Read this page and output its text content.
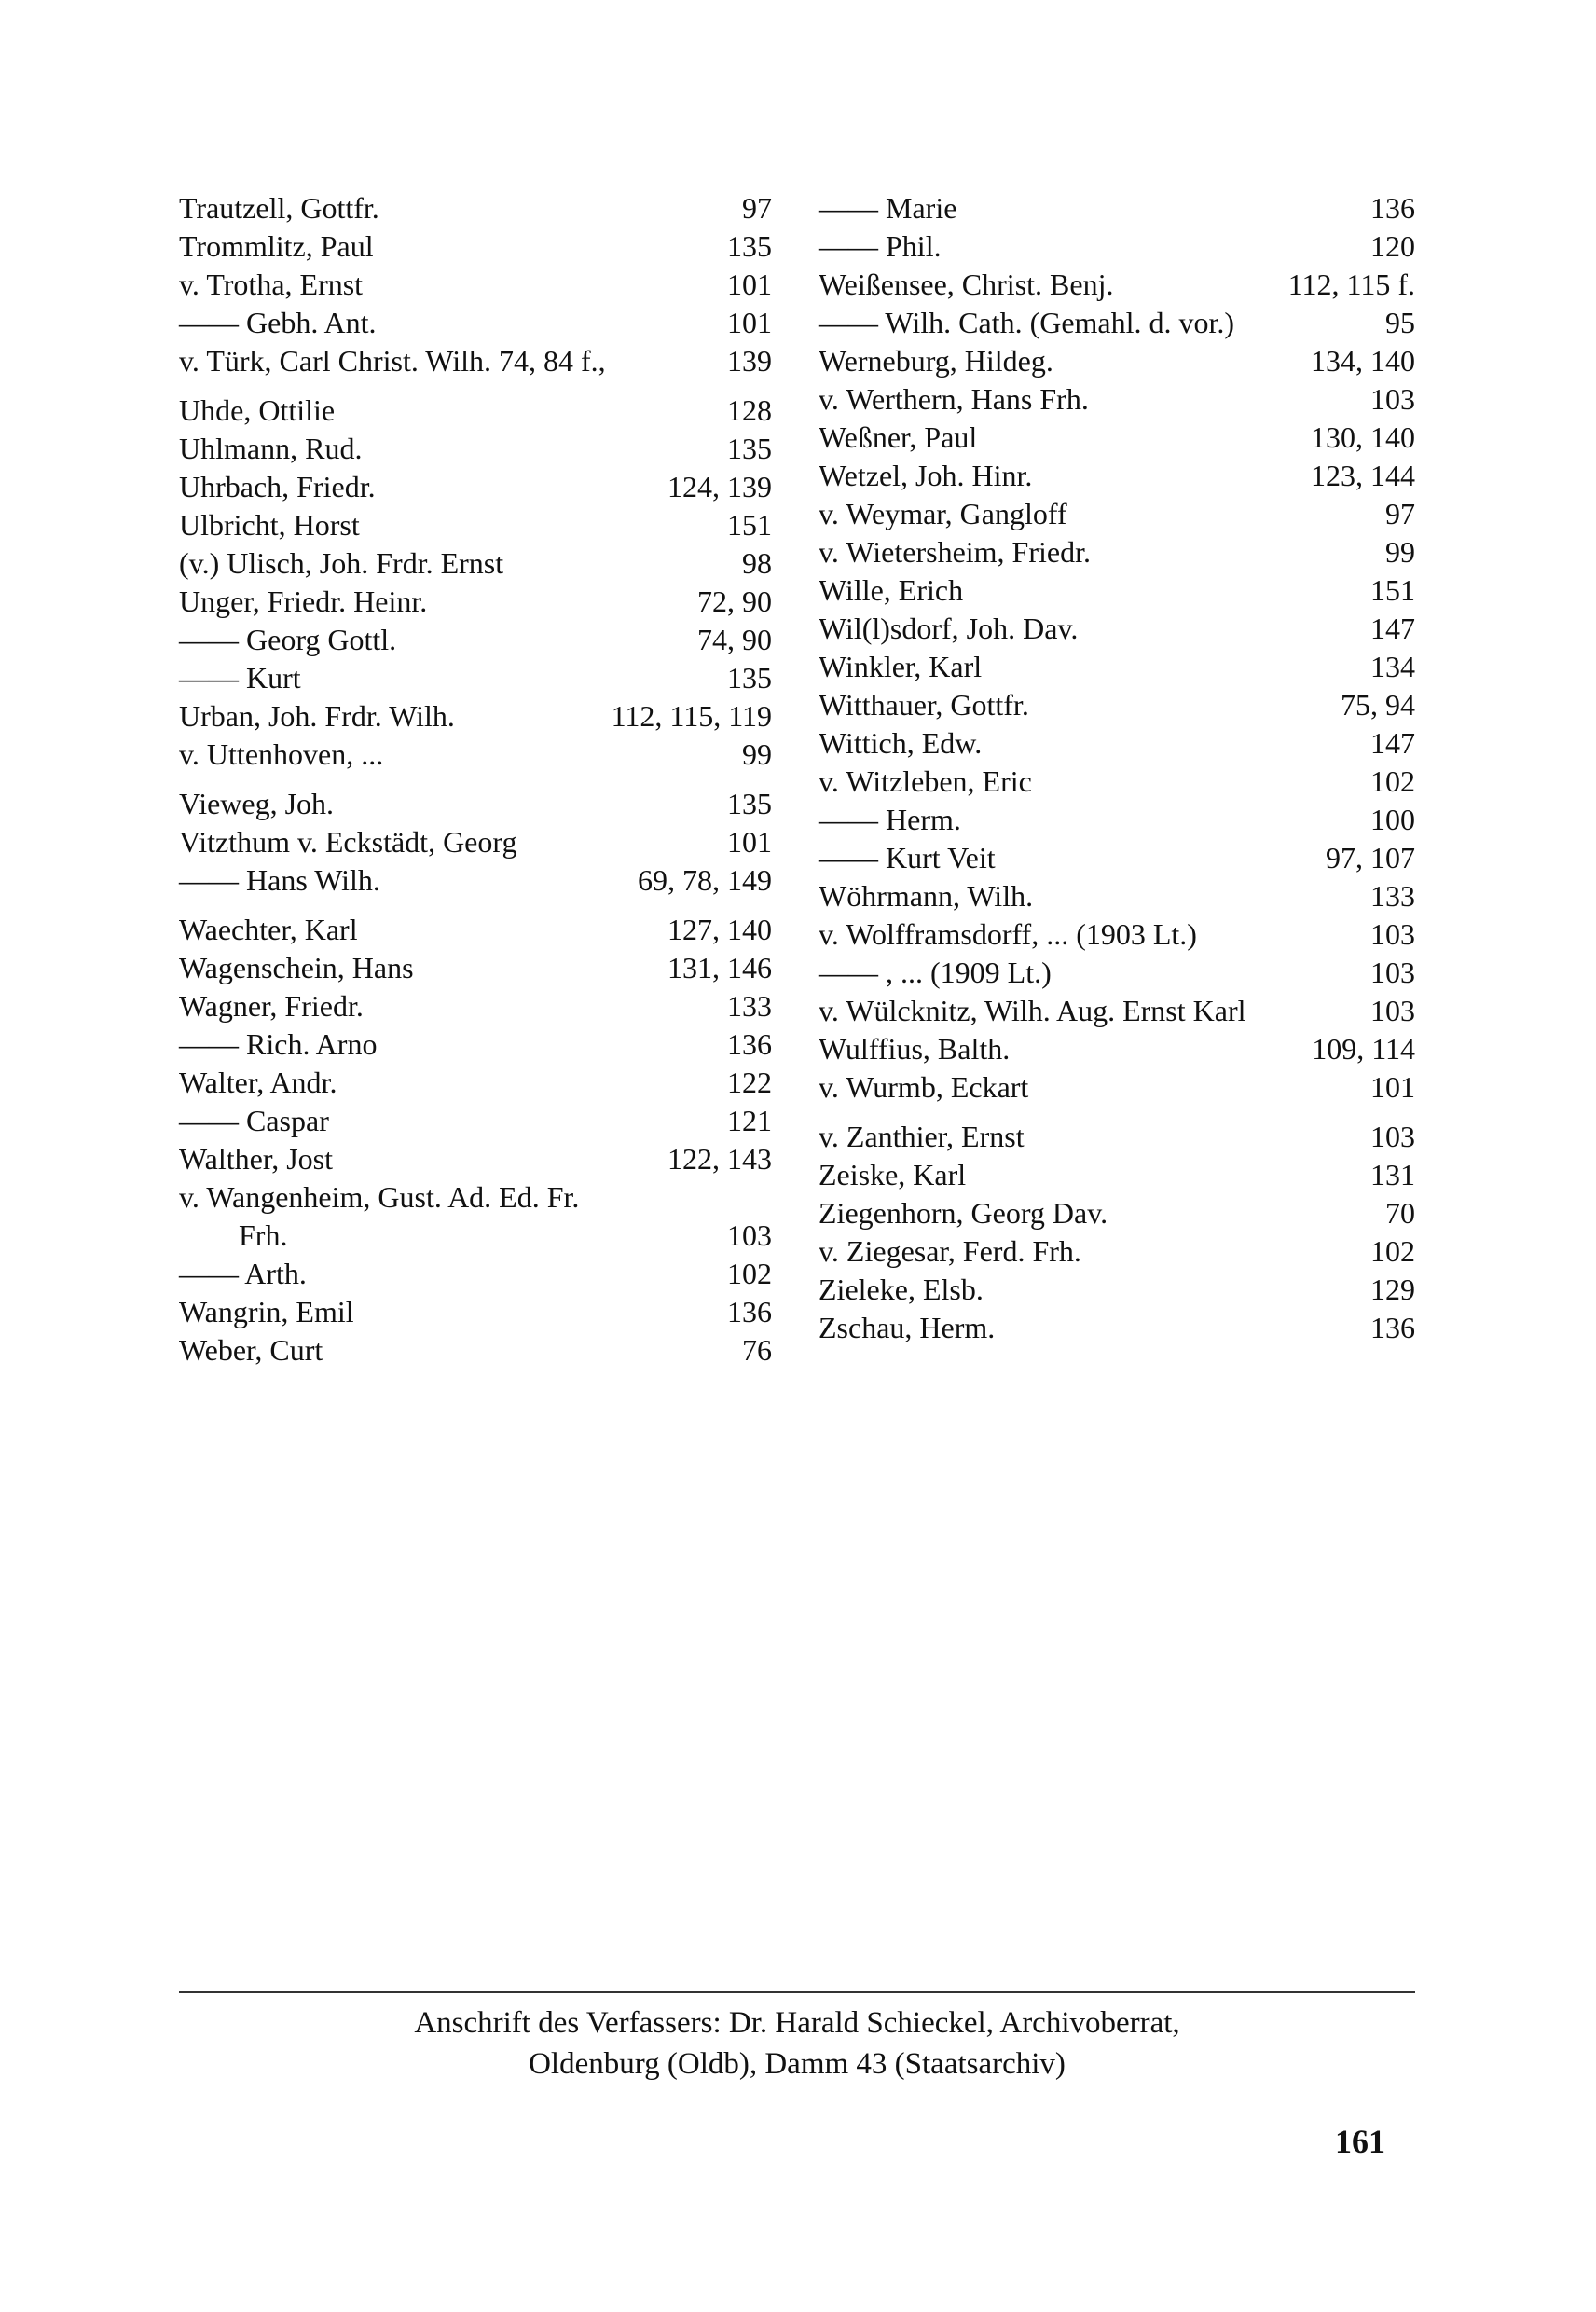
Trautzell, Gottfr.	97
Trommlitz, Paul	135
v. Trotha, Ernst	101
—— Gebh. Ant.	101
v. Türk, Carl Christ. Wilh. 74, 84 f.,	139
Uhde, Ottilie	128
Uhlmann, Rud.	135
Uhrbach, Friedr.	124, 139
Ulbricht, Horst	151
(v.) Ulisch, Joh. Frdr. Ernst	98
Unger, Friedr. Heinr.	72, 90
—— Georg Gottl.	74, 90
—— Kurt	135
Urban, Joh. Frdr. Wilh.	112, 115, 119
v. Uttenhoven, ...	99
Vieweg, Joh.	135
Vitzthum v. Eckstädt, Georg	101
—— Hans Wilh.	69, 78, 149
Waechter, Karl	127, 140
Wagenschein, Hans	131, 146
Wagner, Friedr.	133
—— Rich. Arno	136
Walter, Andr.	122
—— Caspar	121
Walther, Jost	122, 143
v. Wangenheim, Gust. Ad. Ed. Fr.
Frh.	103
—— Arth.	102
Wangrin, Emil	136
Weber, Curt	76
—— Marie	136
—— Phil.	120
Weißensee, Christ. Benj.	112, 115 f.
—— Wilh. Cath. (Gemahl. d. vor.)	95
Werneburg, Hildeg.	134, 140
v. Werthern, Hans Frh.	103
Weßner, Paul	130, 140
Wetzel, Joh. Hinr.	123, 144
v. Weymar, Gangloff	97
v. Wietersheim, Friedr.	99
Wille, Erich	151
Wil(l)sdorf, Joh. Dav.	147
Winkler, Karl	134
Witthauer, Gottfr.	75, 94
Wittich, Edw.	147
v. Witzleben, Eric	102
—— Herm.	100
—— Kurt Veit	97, 107
Wöhrmann, Wilh.	133
v. Wolfframsdorff, ... (1903 Lt.)	103
—— , ... (1909 Lt.)	103
v. Wülcknitz, Wilh. Aug. Ernst Karl	103
Wulffius, Balth.	109, 114
v. Wurmb, Eckart	101
v. Zanthier, Ernst	103
Zeiske, Karl	131
Ziegenhorn, Georg Dav.	70
v. Ziegesar, Ferd. Frh.	102
Zieleke, Elsb.	129
Zschau, Herm.	136
Anschrift des Verfassers: Dr. Harald Schieckel, Archivoberrat,
Oldenburg (Oldb), Damm 43 (Staatsarchiv)
161
